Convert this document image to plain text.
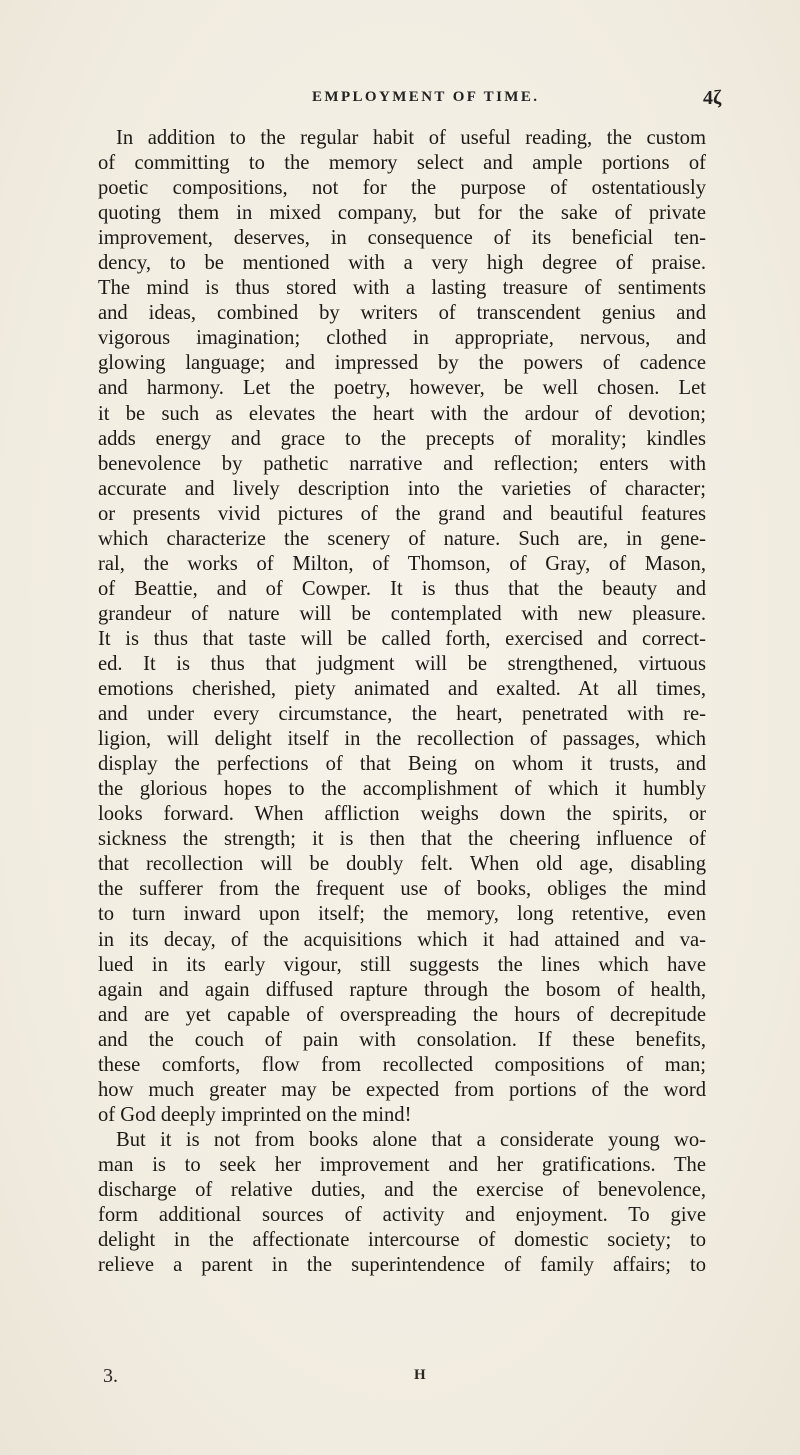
EMPLOYMENT OF TIME.	4ζ
In addition to the regular habit of useful reading, the custom
of committing to the memory select and ample portions of
poetic compositions, not for the purpose of ostentatiously
quoting them in mixed company, but for the sake of private
improvement, deserves, in consequence of its beneficial ten-
dency, to be mentioned with a very high degree of praise.
The mind is thus stored with a lasting treasure of sentiments
and ideas, combined by writers of transcendent genius and
vigorous imagination; clothed in appropriate, nervous, and
glowing language; and impressed by the powers of cadence
and harmony. Let the poetry, however, be well chosen. Let
it be such as elevates the heart with the ardour of devotion;
adds energy and grace to the precepts of morality; kindles
benevolence by pathetic narrative and reflection; enters with
accurate and lively description into the varieties of character;
or presents vivid pictures of the grand and beautiful features
which characterize the scenery of nature. Such are, in gene-
ral, the works of Milton, of Thomson, of Gray, of Mason,
of Beattie, and of Cowper. It is thus that the beauty and
grandeur of nature will be contemplated with new pleasure.
It is thus that taste will be called forth, exercised and correct-
ed. It is thus that judgment will be strengthened, virtuous
emotions cherished, piety animated and exalted. At all times,
and under every circumstance, the heart, penetrated with re-
ligion, will delight itself in the recollection of passages, which
display the perfections of that Being on whom it trusts, and
the glorious hopes to the accomplishment of which it humbly
looks forward. When affliction weighs down the spirits, or
sickness the strength; it is then that the cheering influence of
that recollection will be doubly felt. When old age, disabling
the sufferer from the frequent use of books, obliges the mind
to turn inward upon itself; the memory, long retentive, even
in its decay, of the acquisitions which it had attained and va-
lued in its early vigour, still suggests the lines which have
again and again diffused rapture through the bosom of health,
and are yet capable of overspreading the hours of decrepitude
and the couch of pain with consolation. If these benefits,
these comforts, flow from recollected compositions of man;
how much greater may be expected from portions of the word
of God deeply imprinted on the mind!
But it is not from books alone that a considerate young wo-
man is to seek her improvement and her gratifications. The
discharge of relative duties, and the exercise of benevolence,
form additional sources of activity and enjoyment. To give
delight in the affectionate intercourse of domestic society; to
relieve a parent in the superintendence of family affairs; to
3.	H
